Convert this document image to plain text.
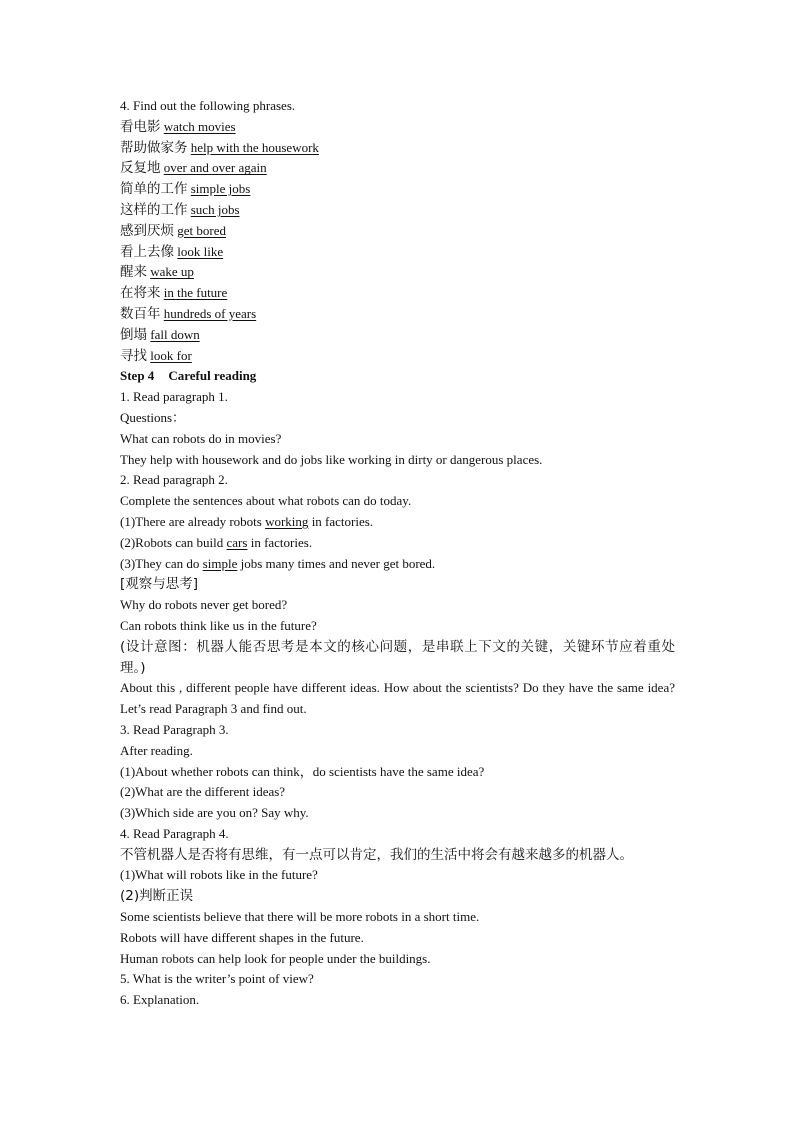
4. Find out the following phrases.
看电影 watch movies
帮助做家务 help with the housework
反复地 over and over again
简单的工作 simple jobs
这样的工作 such jobs
感到厌烦 get bored
看上去像 look like
醒来 wake up
在将来 in the future
数百年 hundreds of years
倒塌 fall down
寻找 look for
Step 4 Careful reading
1. Read paragraph 1.
Questions：
What can robots do in movies?
They help with housework and do jobs like working in dirty or dangerous places.
2. Read paragraph 2.
Complete the sentences about what robots can do today.
(1)There are already robots working in factories.
(2)Robots can build cars in factories.
(3)They can do simple jobs many times and never get bored.
[观察与思考]
Why do robots never get bored?
Can robots think like us in the future?
(设计意图：机器人能否思考是本文的核心问题，是串联上下文的关键，关键环节应着重处理。)
About this , different people have different ideas. How about the scientists? Do they have the same idea? Let’s read Paragraph 3 and find out.
3. Read Paragraph 3.
After reading.
(1)About whether robots can think，do scientists have the same idea?
(2)What are the different ideas?
(3)Which side are you on? Say why.
4. Read Paragraph 4.
不管机器人是否将有思维，有一点可以肯定，我们的生活中将会有越来越多的机器人。
(1)What will robots like in the future?
(2)判断正误
Some scientists believe that there will be more robots in a short time.
Robots will have different shapes in the future.
Human robots can help look for people under the buildings.
5. What is the writer’s point of view?
6. Explanation.
